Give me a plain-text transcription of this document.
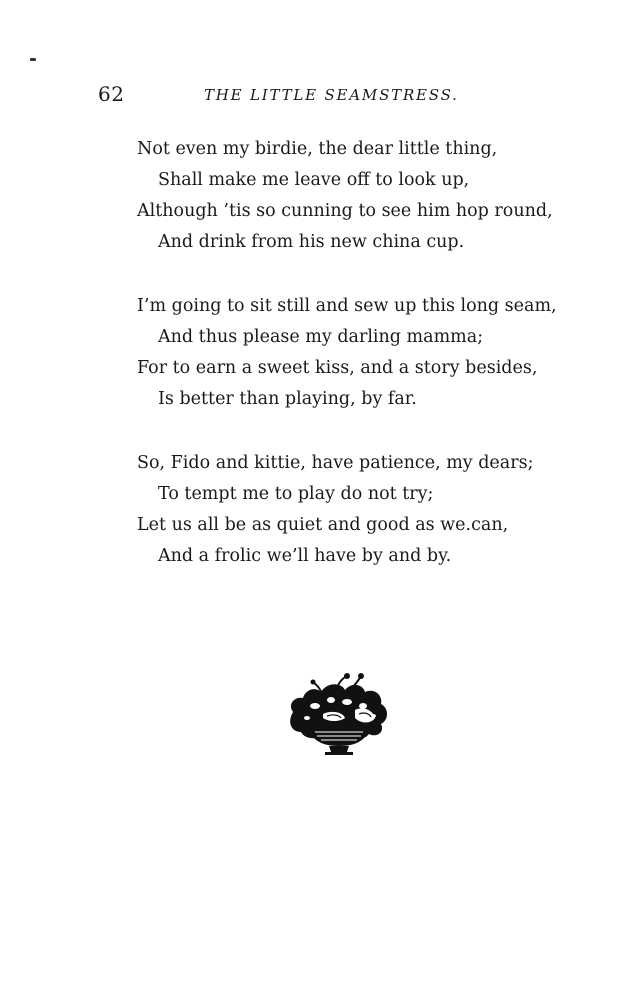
62	THE LITTLE SEAMSTRESS.
Not even my birdie, the dear little thing,
Shall make me leave off to look up,
Although ’tis so cunning to see him hop round,
And drink from his new china cup.
I’m going to sit still and sew up this long seam,
And thus please my darling mamma;
For to earn a sweet kiss, and a story besides,
Is better than playing, by far.
So, Fido and kittie, have patience, my dears;
To tempt me to play do not try;
Let us all be as quiet and good as we.can,
And a frolic we’ll have by and by.
